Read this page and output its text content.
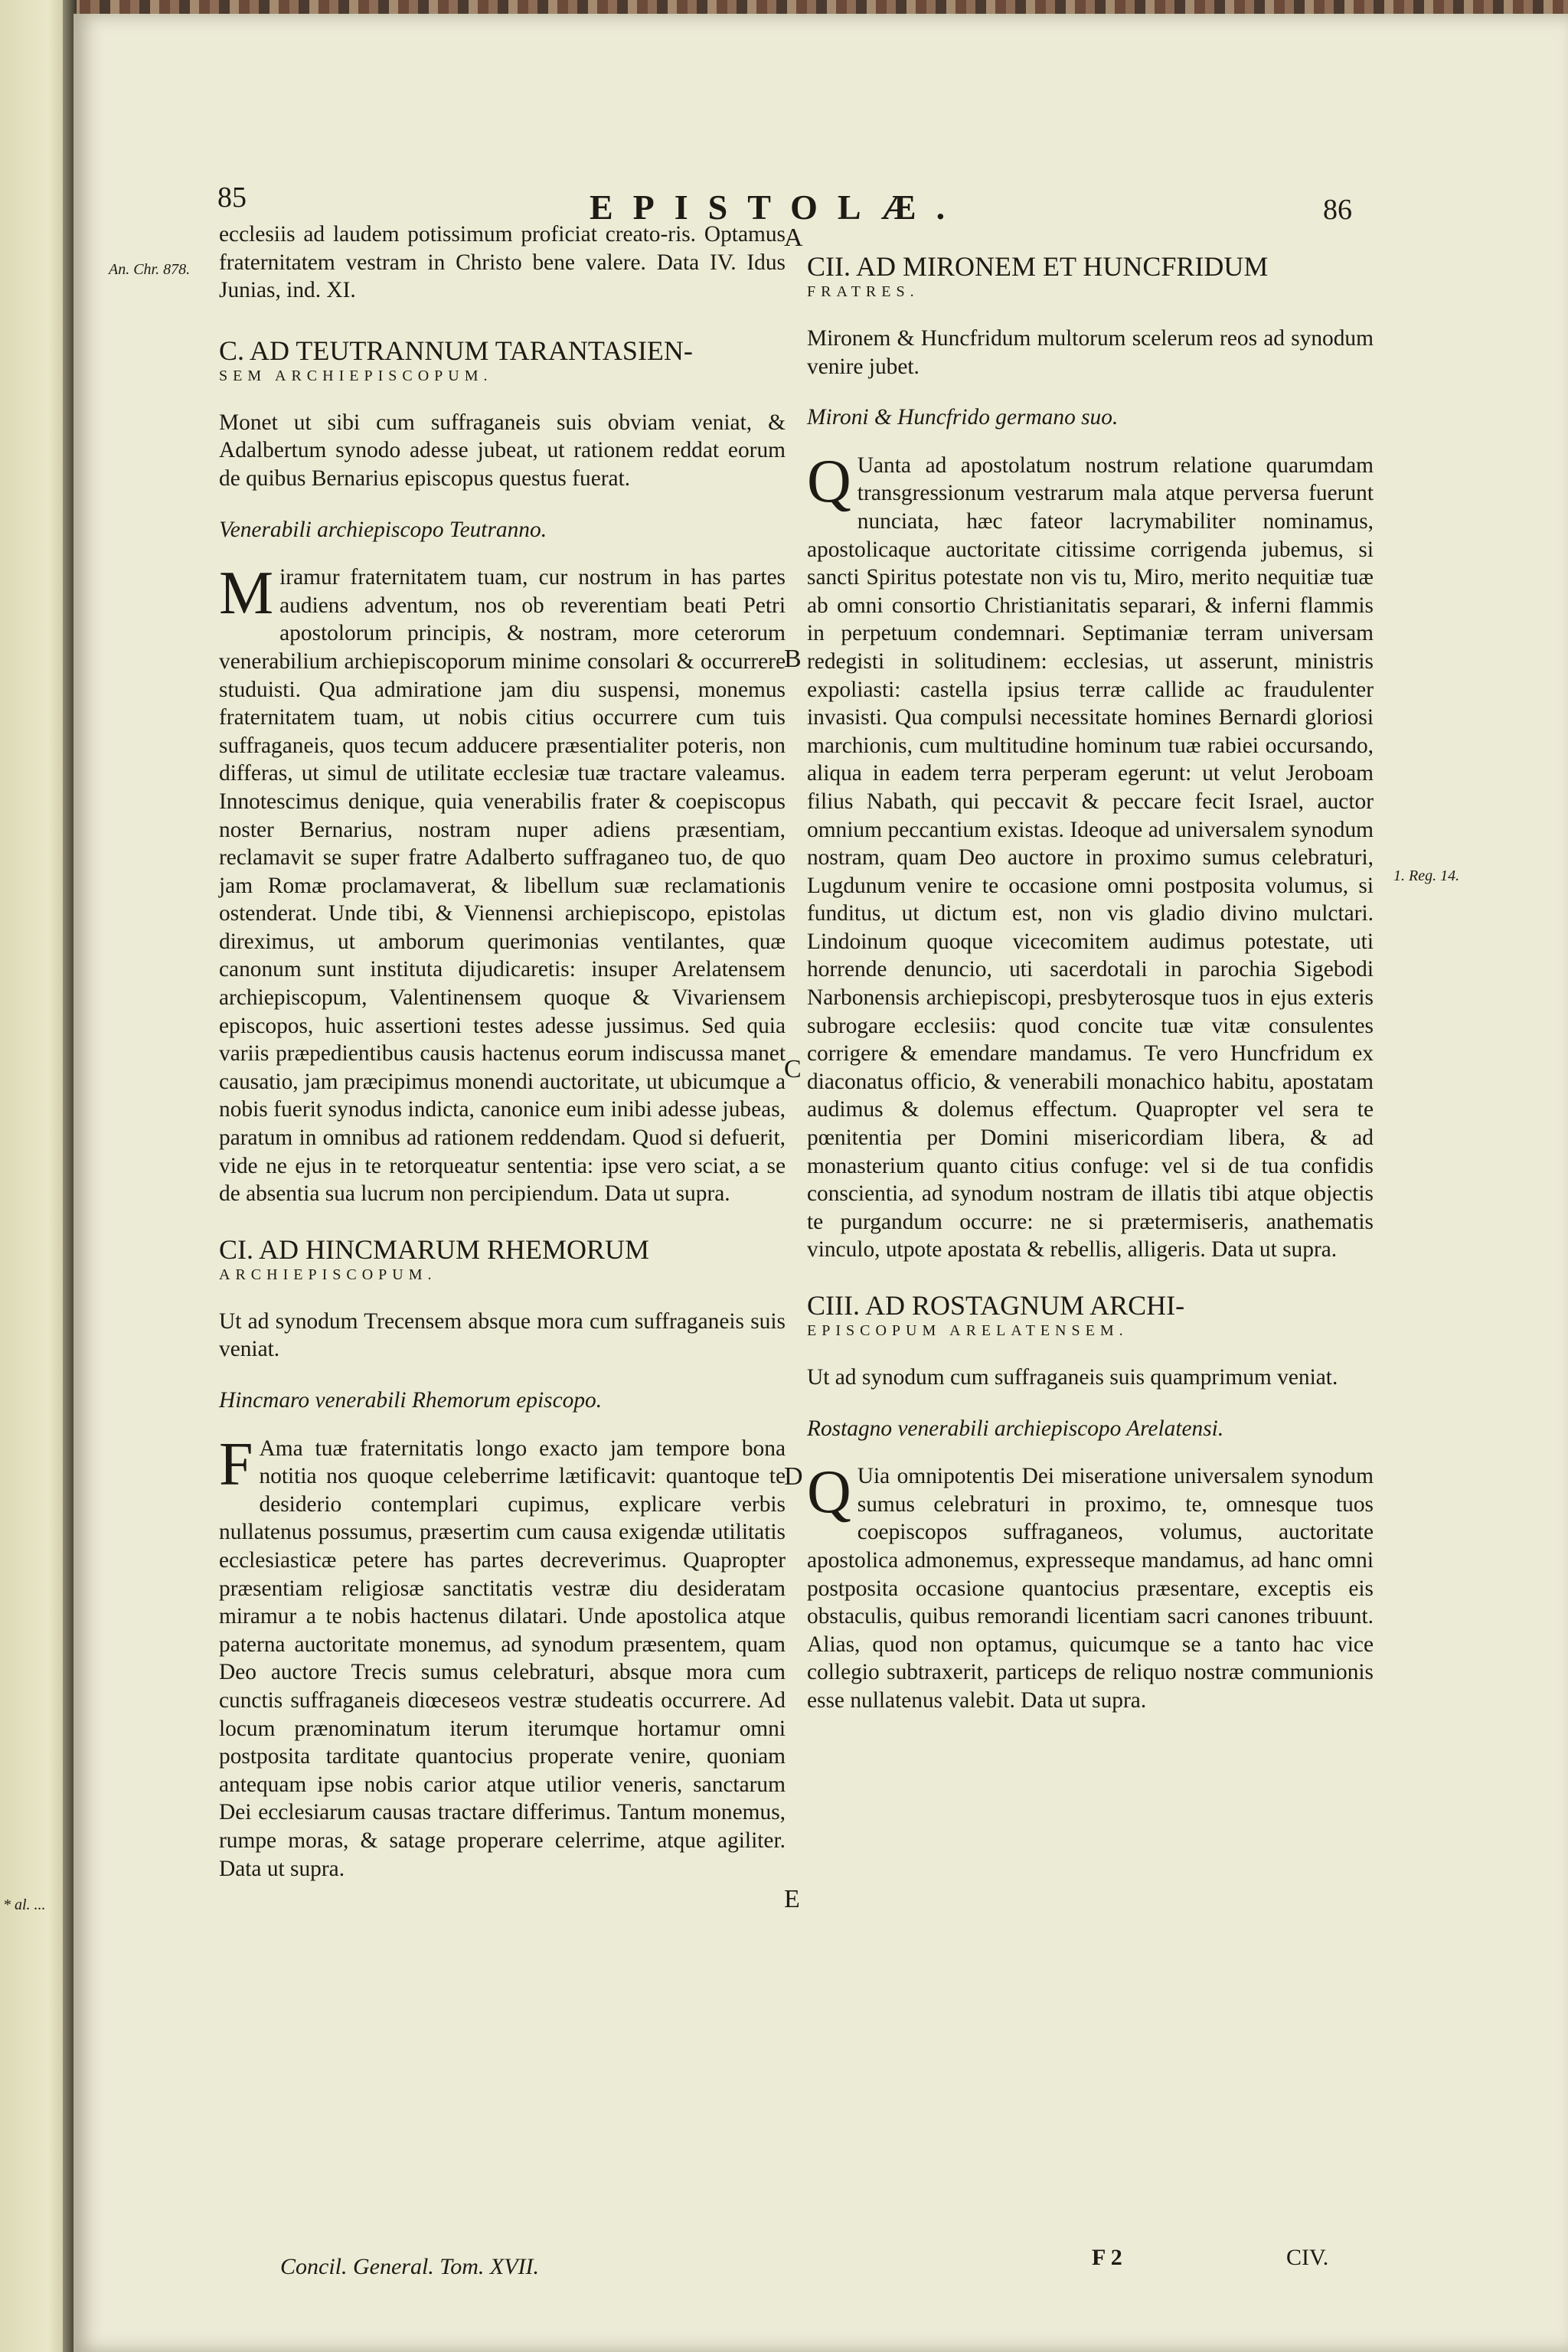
85	EPISTOLÆ.	86
An. Chr. 878.
1. Reg. 14.
* al. ...
A
B
C
D
E

ecclesiis ad laudem potissimum proficiat creato-ris. Optamus fraternitatem vestram in Christo bene valere. Data IV. Idus Junias, ind. XI.

C. AD TEUTRANNUM TARANTASIEN-
SEM ARCHIEPISCOPUM.

Monet ut sibi cum suffraganeis suis obviam veniat, & Adalbertum synodo adesse jubeat, ut rationem reddat eorum de quibus Bernarius episcopus questus fuerat.

Venerabili archiepiscopo Teutranno.

Miramur fraternitatem tuam, cur nostrum in has partes audiens adventum, nos ob reverentiam beati Petri apostolorum principis, & nostram, more ceterorum venerabilium archiepiscoporum minime consolari & occurrere studuisti. Qua admiratione jam diu suspensi, monemus fraternitatem tuam, ut nobis citius occurrere cum tuis suffraganeis, quos tecum adducere præsentialiter poteris, non differas, ut simul de utilitate ecclesiæ tuæ tractare valeamus. Innotescimus denique, quia venerabilis frater & coepiscopus noster Bernarius, nostram nuper adiens præsentiam, reclamavit se super fratre Adalberto suffraganeo tuo, de quo jam Romæ proclamaverat, & libellum suæ reclamationis ostenderat. Unde tibi, & Viennensi archiepiscopo, epistolas direximus, ut amborum querimonias ventilantes, quæ canonum sunt instituta dijudicaretis: insuper Arelatensem archiepiscopum, Valentinensem quoque & Vivariensem episcopos, huic assertioni testes adesse jussimus. Sed quia variis præpedientibus causis hactenus eorum indiscussa manet causatio, jam præcipimus monendi auctoritate, ut ubicumque a nobis fuerit synodus indicta, canonice eum inibi adesse jubeas, paratum in omnibus ad rationem reddendam. Quod si defuerit, vide ne ejus in te retorqueatur sententia: ipse vero sciat, a se de absentia sua lucrum non percipiendum. Data ut supra.

CI. AD HINCMARUM RHEMORUM
ARCHIEPISCOPUM.

Ut ad synodum Trecensem absque mora cum suffraganeis suis veniat.

Hincmaro venerabili Rhemorum episcopo.

F Ama tuæ fraternitatis longo exacto jam tempore bona notitia nos quoque celeberrime lætificavit: quantoque te desiderio contemplari cupimus, explicare verbis nullatenus possumus, præsertim cum causa exigendæ utilitatis ecclesiasticæ petere has partes decreverimus. Quapropter præsentiam religiosæ sanctitatis vestræ diu desideratam miramur a te nobis hactenus dilatari. Unde apostolica atque paterna auctoritate monemus, ad synodum præsentem, quam Deo auctore Trecis sumus celebraturi, absque mora cum cunctis suffraganeis diœceseos vestræ studeatis occurrere. Ad locum prænominatum iterum iterumque hortamur omni postposita tarditate quantocius properate venire, quoniam antequam ipse nobis carior atque utilior veneris, sanctarum Dei ecclesiarum causas tractare differimus. Tantum monemus, rumpe moras, & satage properare celerrime, atque agiliter. Data ut supra.

CII. AD MIRONEM ET HUNCFRIDUM
FRATRES.

Mironem & Huncfridum multorum scelerum reos ad synodum venire jubet.

Mironi & Huncfrido germano suo.

Q Uanta ad apostolatum nostrum relatione quarumdam transgressionum vestrarum mala atque perversa fuerunt nunciata, hæc fateor lacrymabiliter nominamus, apostolicaque auctoritate citissime corrigenda jubemus, si sancti Spiritus potestate non vis tu, Miro, merito nequitiæ tuæ ab omni consortio Christianitatis separari, & inferni flammis in perpetuum condemnari. Septimaniæ terram universam redegisti in solitudinem: ecclesias, ut asserunt, ministris expoliasti: castella ipsius terræ callide ac fraudulenter invasisti. Qua compulsi necessitate homines Bernardi gloriosi marchionis, cum multitudine hominum tuæ rabiei occursando, aliqua in eadem terra perperam egerunt: ut velut Jeroboam filius Nabath, qui peccavit & peccare fecit Israel, auctor omnium peccantium existas. Ideoque ad universalem synodum nostram, quam Deo auctore in proximo sumus celebraturi, Lugdunum venire te occasione omni postposita volumus, si funditus, ut dictum est, non vis gladio divino mulctari. Lindoinum quoque vicecomitem audimus potestate, uti horrende denuncio, uti sacerdotali in parochia Sigebodi Narbonensis archiepiscopi, presbyterosque tuos in ejus exteris subrogare ecclesiis: quod concite tuæ vitæ consulentes corrigere & emendare mandamus. Te vero Huncfridum ex diaconatus officio, & venerabili monachico habitu, apostatam audimus & dolemus effectum. Quapropter vel sera te pœnitentia per Domini misericordiam libera, & ad monasterium quanto citius confuge: vel si de tua confidis conscientia, ad synodum nostram de illatis tibi atque objectis te purgandum occurre: ne si prætermiseris, anathematis vinculo, utpote apostata & rebellis, alligeris. Data ut supra.

CIII. AD ROSTAGNUM ARCHI-
EPISCOPUM ARELATENSEM.

Ut ad synodum cum suffraganeis suis quamprimum veniat.

Rostagno venerabili archiepiscopo Arelatensi.

Q Uia omnipotentis Dei miseratione universalem synodum sumus celebraturi in proximo, te, omnesque tuos coepiscopos suffraganeos, volumus, auctoritate apostolica admonemus, expresseque mandamus, ad hanc omni postposita occasione quantocius præsentare, exceptis eis obstaculis, quibus remorandi licentiam sacri canones tribuunt. Alias, quod non optamus, quicumque se a tanto hac vice collegio subtraxerit, particeps de reliquo nostræ communionis esse nullatenus valebit. Data ut supra.

Concil. General. Tom. XVII.	F 2	CIV.
